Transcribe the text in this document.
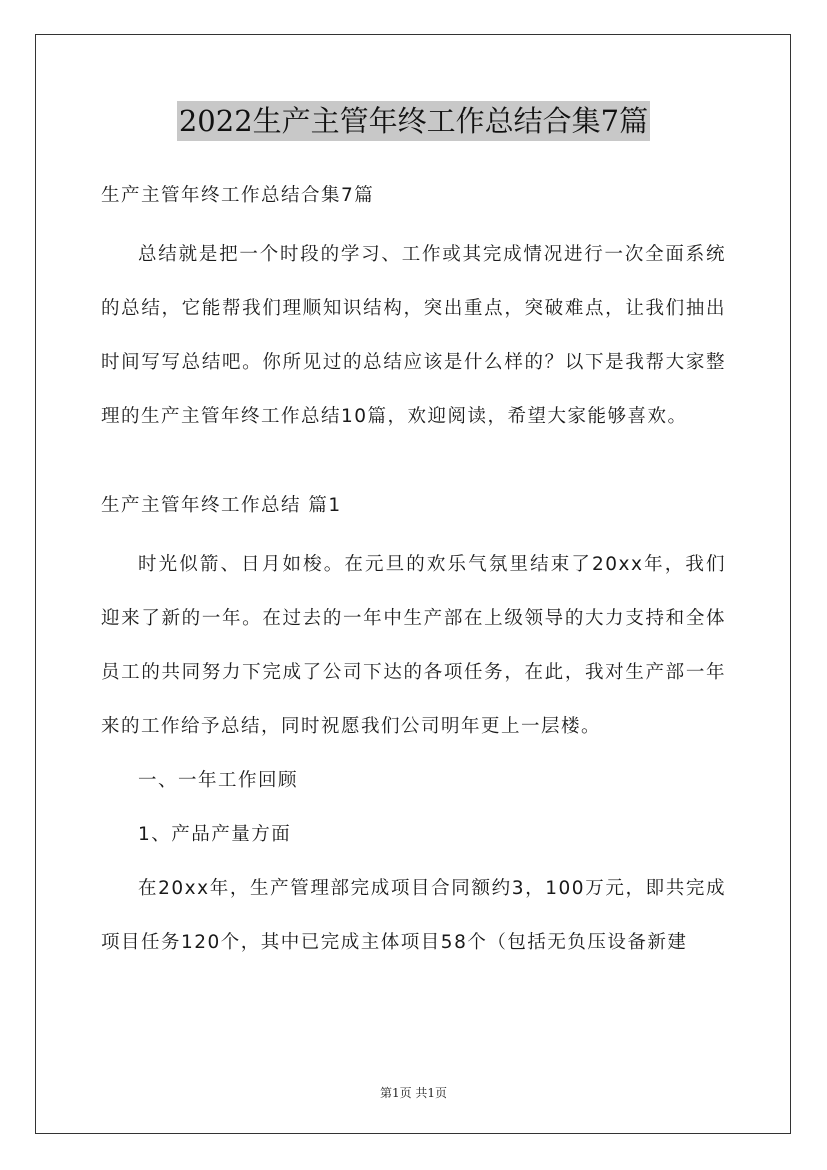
2022生产主管年终工作总结合集7篇
生产主管年终工作总结合集7篇
总结就是把一个时段的学习、工作或其完成情况进行一次全面系统的总结，它能帮我们理顺知识结构，突出重点，突破难点，让我们抽出时间写写总结吧。你所见过的总结应该是什么样的？以下是我帮大家整理的生产主管年终工作总结10篇，欢迎阅读，希望大家能够喜欢。
生产主管年终工作总结 篇1
时光似箭、日月如梭。在元旦的欢乐气氛里结束了20xx年，我们迎来了新的一年。在过去的一年中生产部在上级领导的大力支持和全体员工的共同努力下完成了公司下达的各项任务，在此，我对生产部一年来的工作给予总结，同时祝愿我们公司明年更上一层楼。
一、一年工作回顾
1、产品产量方面
在20xx年，生产管理部完成项目合同额约3，100万元，即共完成项目任务120个，其中已完成主体项目58个（包括无负压设备新建
第1页 共1页
